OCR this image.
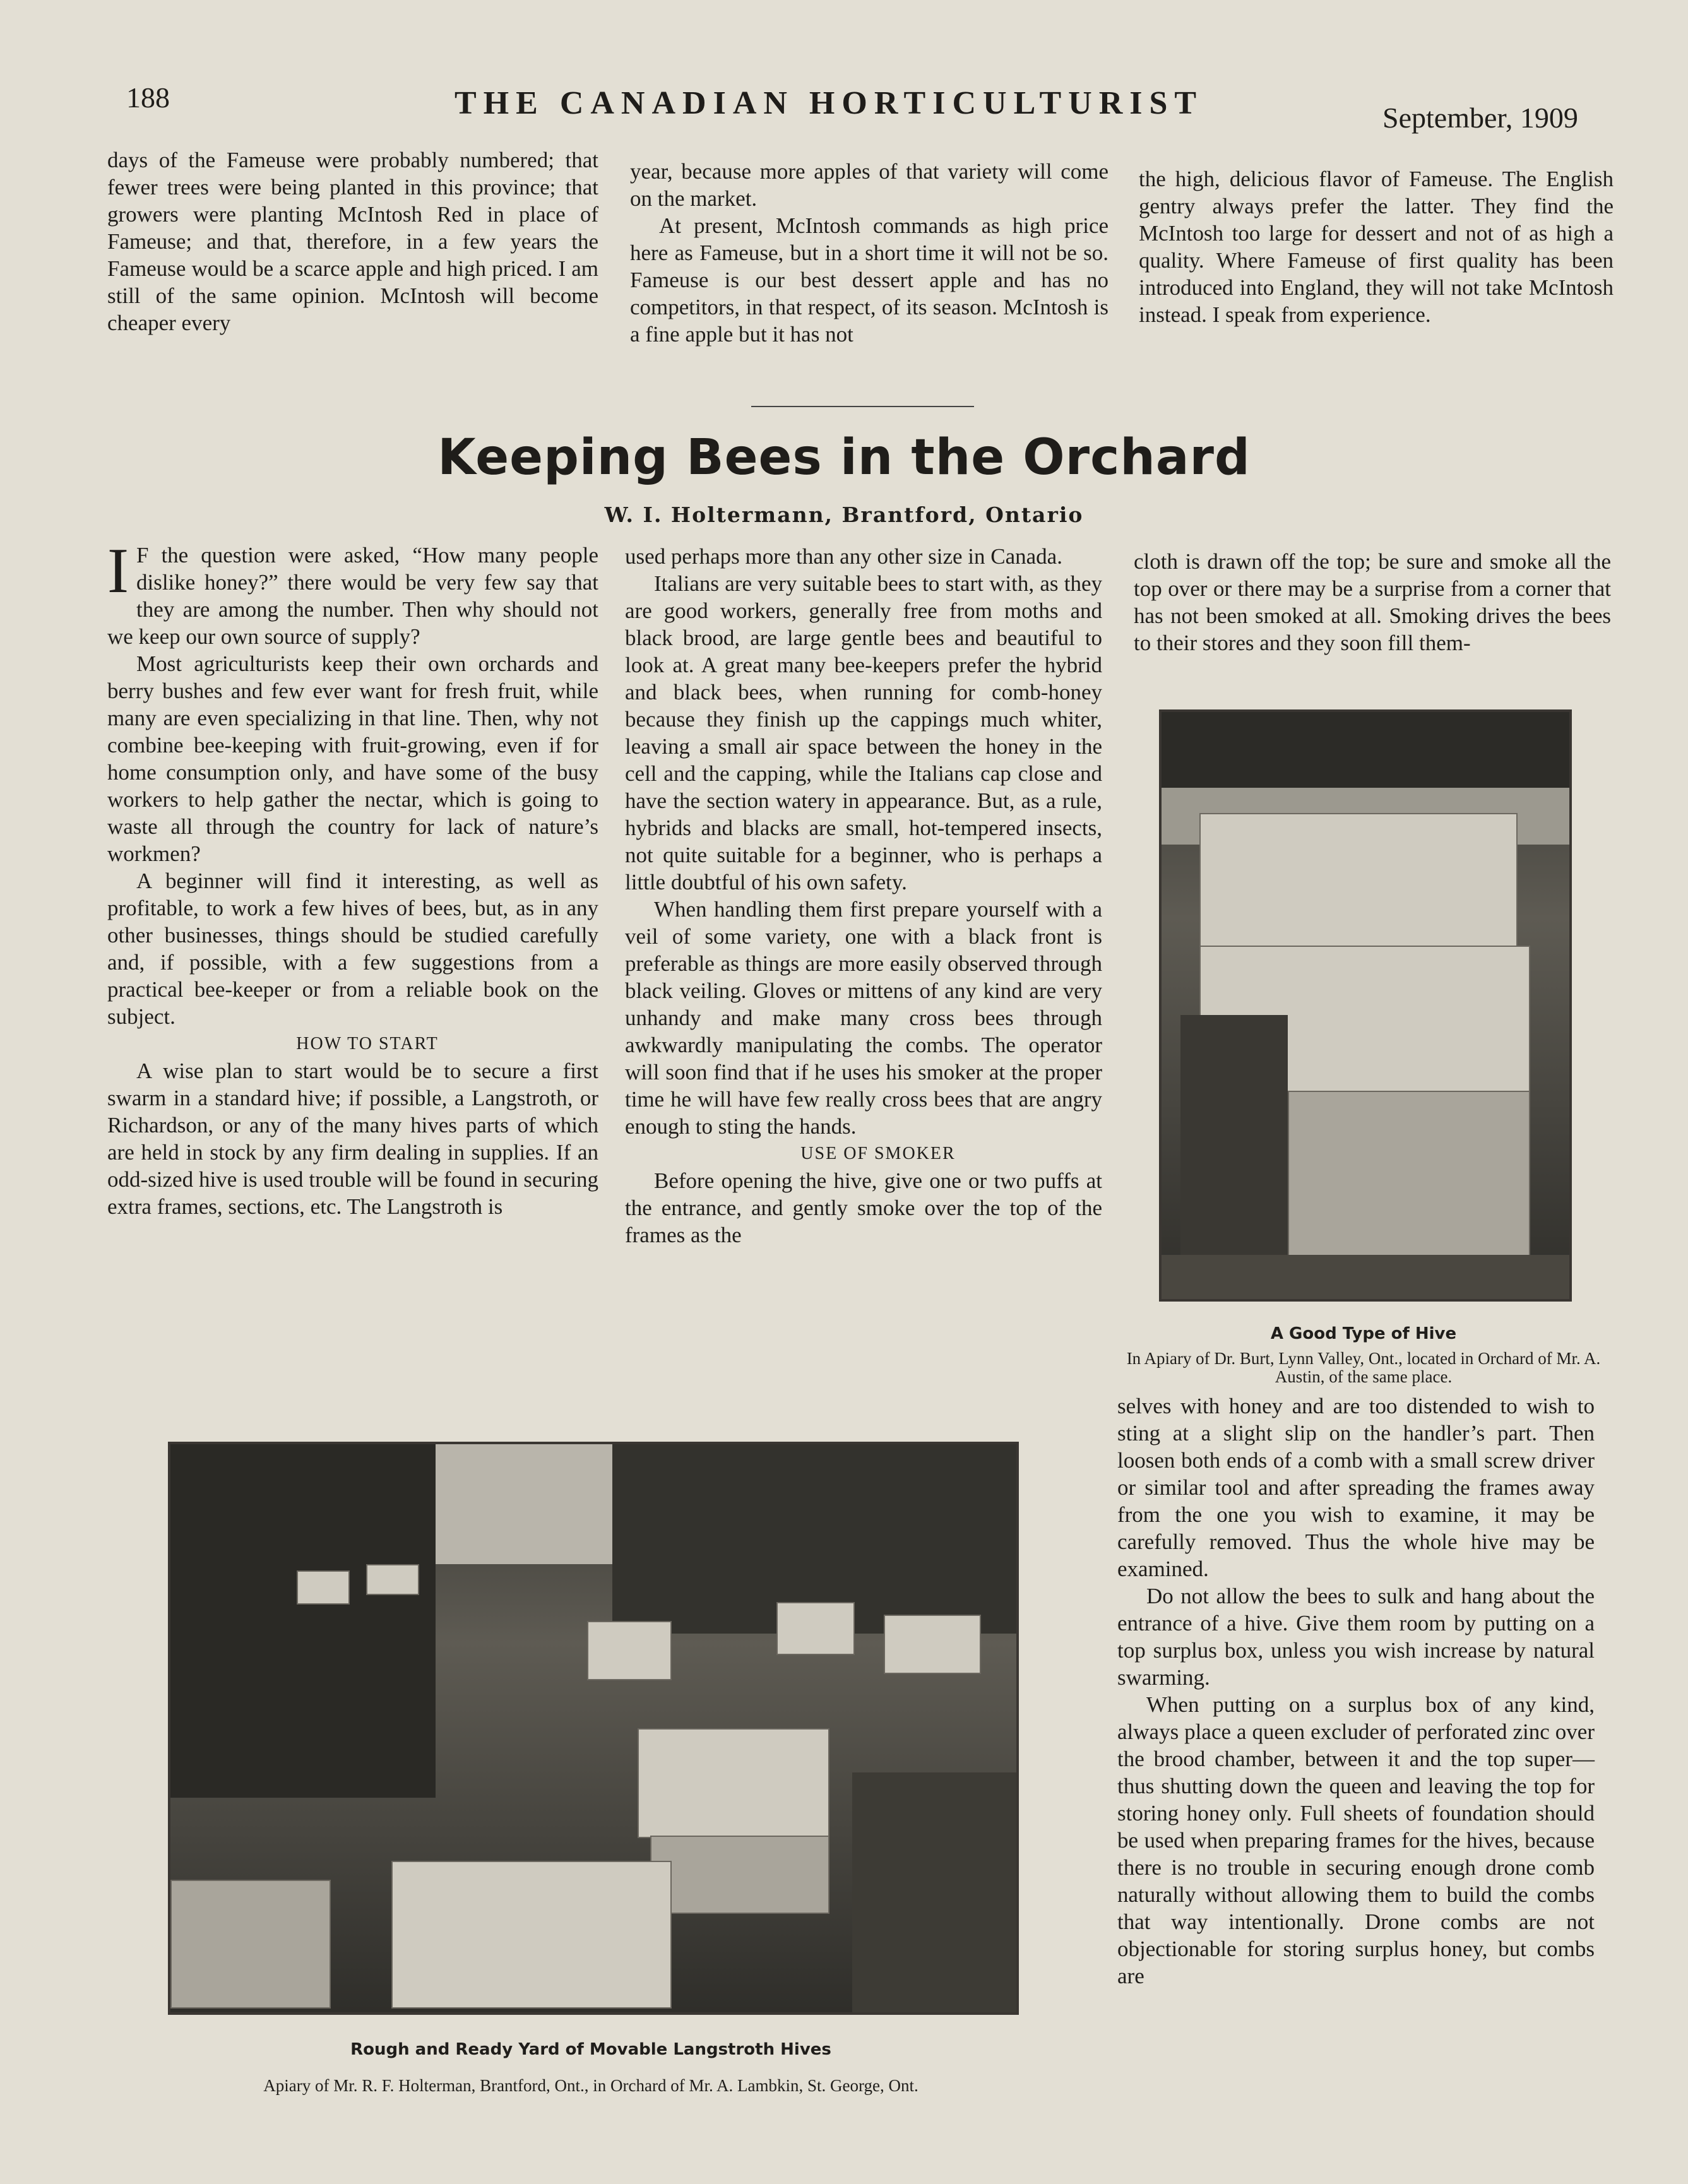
188	THE CANADIAN HORTICULTURIST	September, 1909

days of the Fameuse were probably numbered; that fewer trees were being planted in this province; that growers were planting McIntosh Red in place of Fameuse; and that, therefore, in a few years the Fameuse would be a scarce apple and high priced. I am still of the same opinion. McIntosh will become cheaper every

year, because more apples of that variety will come on the market.

At present, McIntosh commands as high price here as Fameuse, but in a short time it will not be so. Fameuse is our best dessert apple and has no competitors, in that respect, of its season. McIntosh is a fine apple but it has not

the high, delicious flavor of Fameuse. The English gentry always prefer the latter. They find the McIntosh too large for dessert and not of as high a quality. Where Fameuse of first quality has been introduced into England, they will not take McIntosh instead. I speak from experience.

Keeping Bees in the Orchard
W. I. Holtermann, Brantford, Ontario

I F the question were asked, “How many people dislike honey?” there would be very few say that they are among the number. Then why should not we keep our own source of supply?

Most agriculturists keep their own orchards and berry bushes and few ever want for fresh fruit, while many are even specializing in that line. Then, why not combine bee-keeping with fruit-growing, even if for home consumption only, and have some of the busy workers to help gather the nectar, which is going to waste all through the country for lack of nature’s workmen?

A beginner will find it interesting, as well as profitable, to work a few hives of bees, but, as in any other businesses, things should be studied carefully and, if possible, with a few suggestions from a practical bee-keeper or from a reliable book on the subject.

HOW TO START

A wise plan to start would be to secure a first swarm in a standard hive; if possible, a Langstroth, or Richardson, or any of the many hives parts of which are held in stock by any firm dealing in supplies. If an odd-sized hive is used trouble will be found in securing extra frames, sections, etc. The Langstroth is

used perhaps more than any other size in Canada.

Italians are very suitable bees to start with, as they are good workers, generally free from moths and black brood, are large gentle bees and beautiful to look at. A great many bee-keepers prefer the hybrid and black bees, when running for comb-honey because they finish up the cappings much whiter, leaving a small air space between the honey in the cell and the capping, while the Italians cap close and have the section watery in appearance. But, as a rule, hybrids and blacks are small, hot-tempered insects, not quite suitable for a beginner, who is perhaps a little doubtful of his own safety.

When handling them first prepare yourself with a veil of some variety, one with a black front is preferable as things are more easily observed through black veiling. Gloves or mittens of any kind are very unhandy and make many cross bees through awkwardly manipulating the combs. The operator will soon find that if he uses his smoker at the proper time he will have few really cross bees that are angry enough to sting the hands.

USE OF SMOKER

Before opening the hive, give one or two puffs at the entrance, and gently smoke over the top of the frames as the

cloth is drawn off the top; be sure and smoke all the top over or there may be a surprise from a corner that has not been smoked at all. Smoking drives the bees to their stores and they soon fill them-

A Good Type of Hive
In Apiary of Dr. Burt, Lynn Valley, Ont., located in Orchard of Mr. A. Austin, of the same place.

selves with honey and are too distended to wish to sting at a slight slip on the handler’s part. Then loosen both ends of a comb with a small screw driver or similar tool and after spreading the frames away from the one you wish to examine, it may be carefully removed. Thus the whole hive may be examined.

Do not allow the bees to sulk and hang about the entrance of a hive. Give them room by putting on a top surplus box, unless you wish increase by natural swarming.

When putting on a surplus box of any kind, always place a queen excluder of perforated zinc over the brood chamber, between it and the top super—thus shutting down the queen and leaving the top for storing honey only. Full sheets of foundation should be used when preparing frames for the hives, because there is no trouble in securing enough drone comb naturally without allowing them to build the combs that way intentionally. Drone combs are not objectionable for storing surplus honey, but combs are

Rough and Ready Yard of Movable Langstroth Hives
Apiary of Mr. R. F. Holterman, Brantford, Ont., in Orchard of Mr. A. Lambkin, St. George, Ont.
